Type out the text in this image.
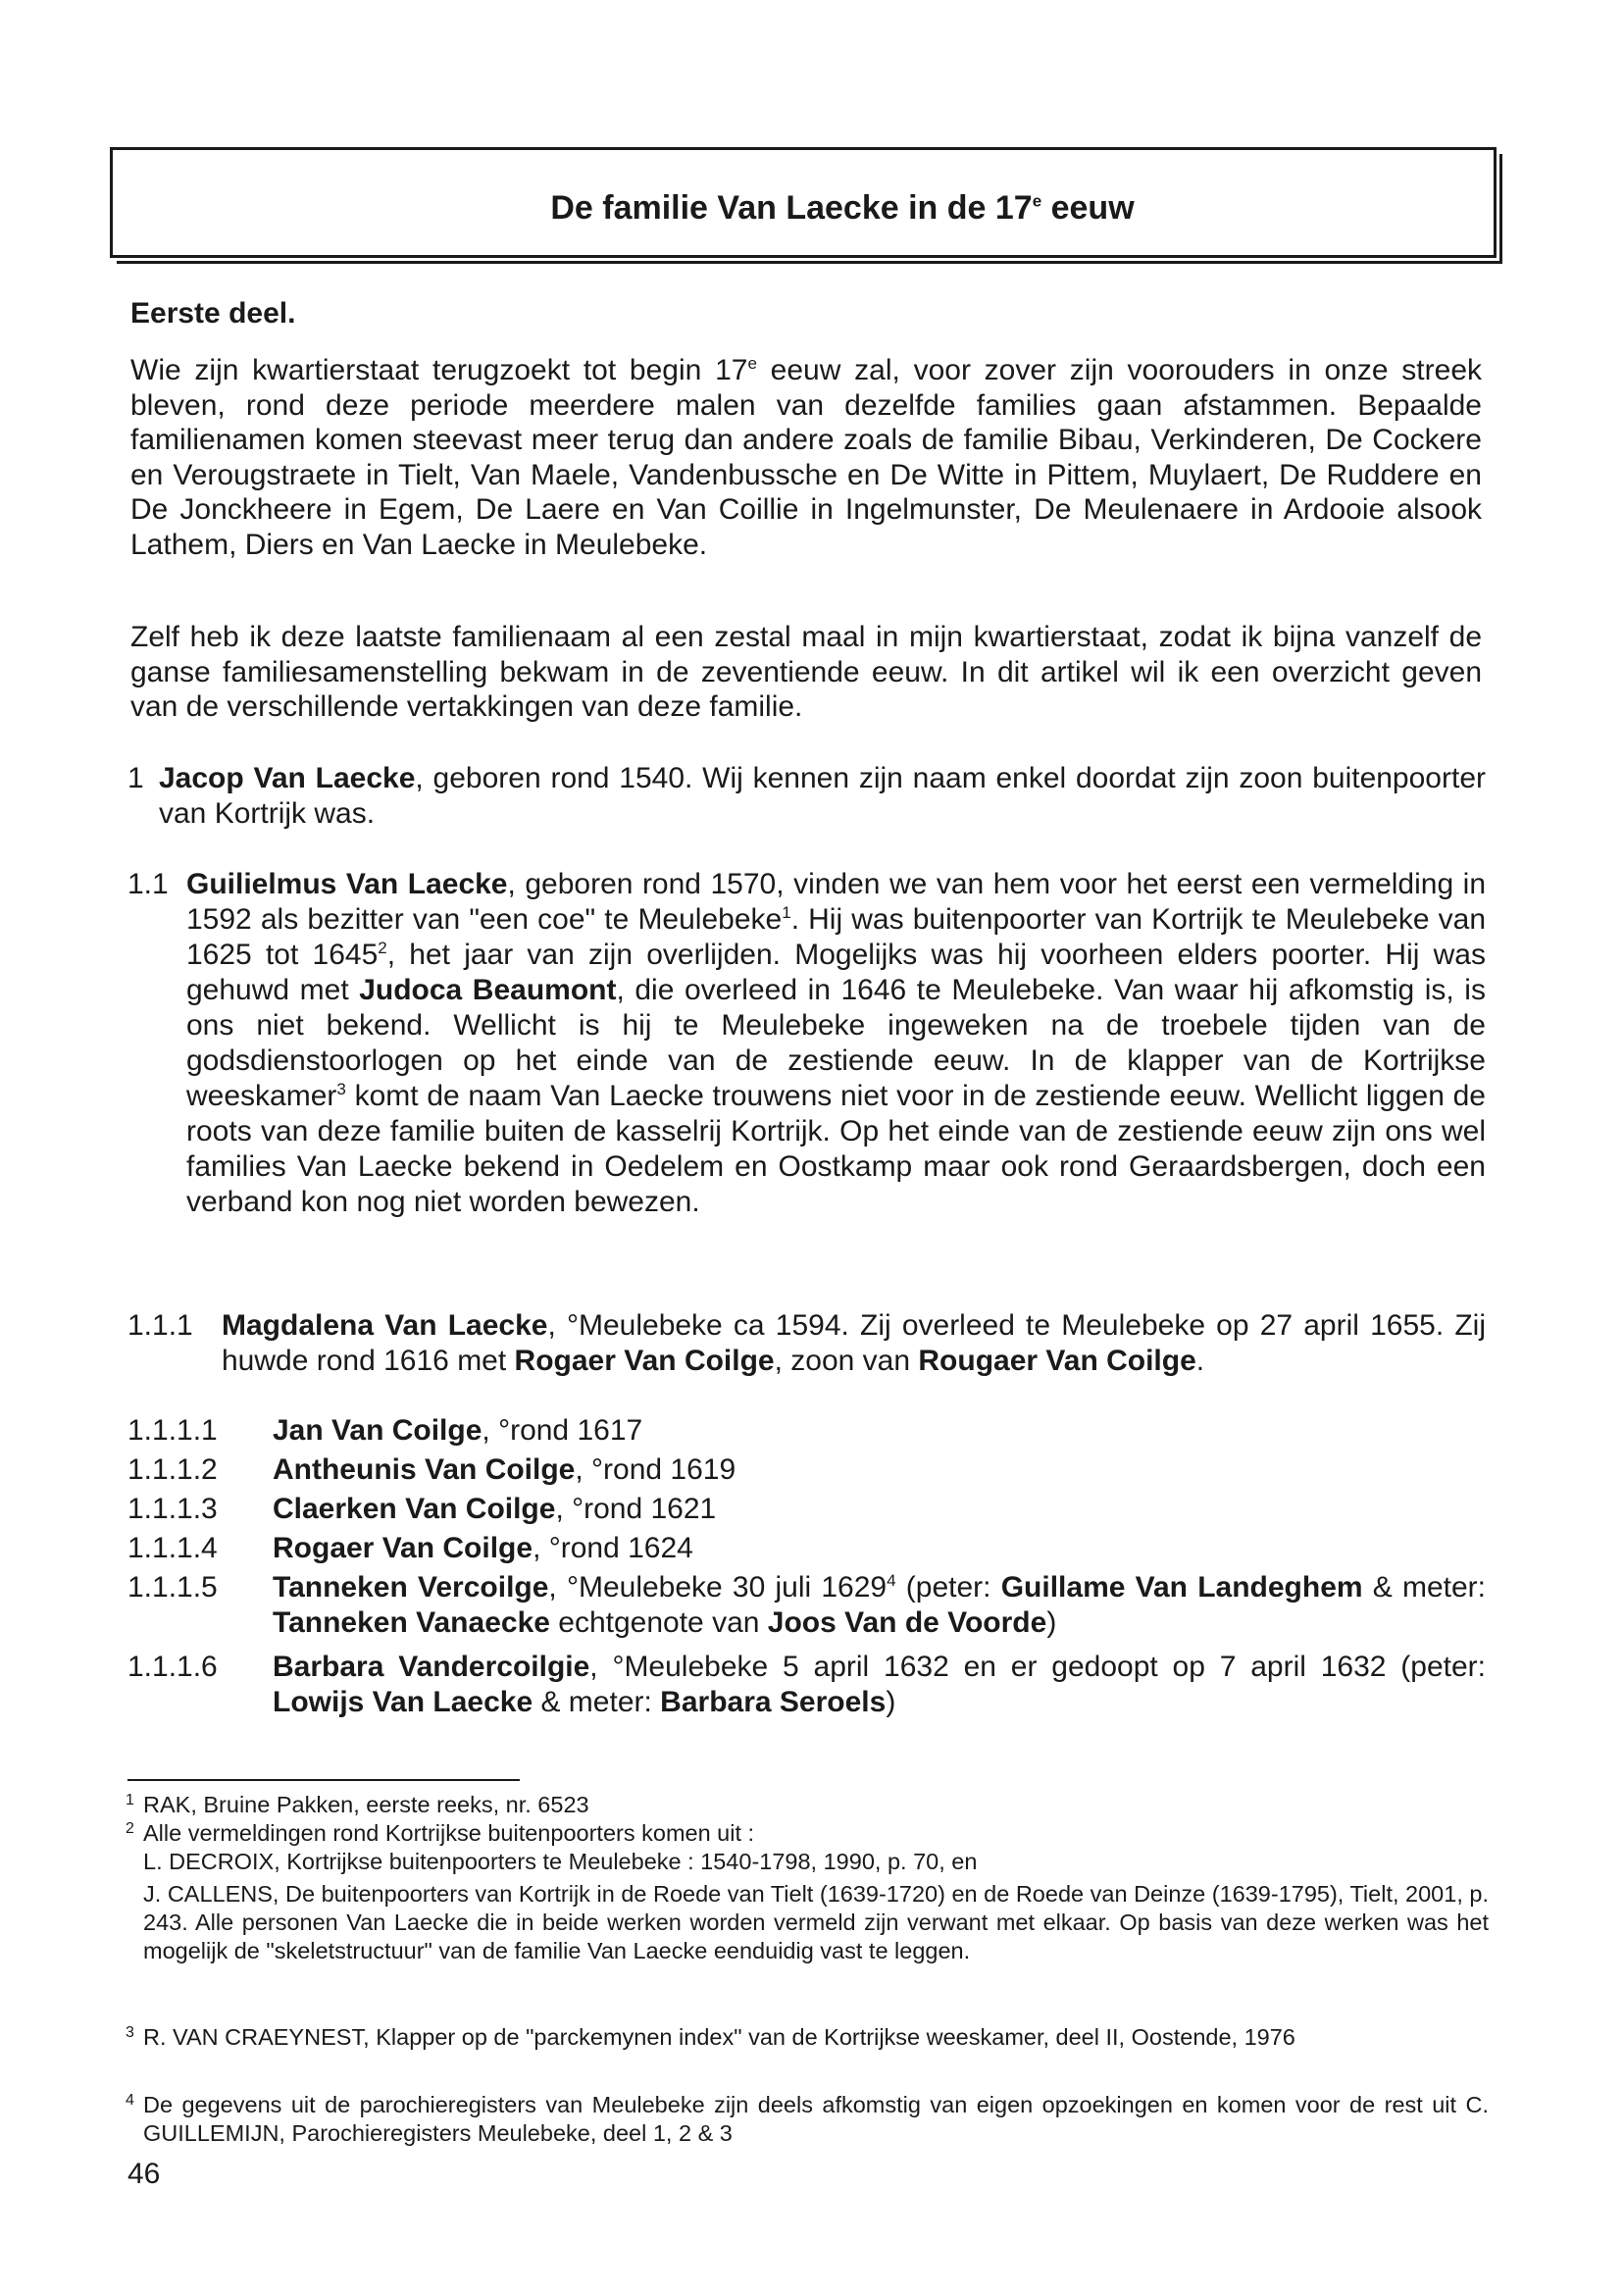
De familie Van Laecke in de 17e eeuw
Eerste deel.
Wie zijn kwartierstaat terugzoekt tot begin 17e eeuw zal, voor zover zijn voorouders in onze streek bleven, rond deze periode meerdere malen van dezelfde families gaan afstammen. Bepaalde familienamen komen steevast meer terug dan andere zoals de familie Bibau, Verkinderen, De Cockere en Verougstraete in Tielt, Van Maele, Vandenbussche en De Witte in Pittem, Muylaert, De Ruddere en De Jonckheere in Egem, De Laere en Van Coillie in Ingelmunster, De Meulenaere in Ardooie alsook Lathem, Diers en Van Laecke in Meulebeke.
Zelf heb ik deze laatste familienaam al een zestal maal in mijn kwartierstaat, zodat ik bijna vanzelf de ganse familiesamenstelling bekwam in de zeventiende eeuw. In dit artikel wil ik een overzicht geven van de verschillende vertakkingen van deze familie.
1 Jacop Van Laecke, geboren rond 1540. Wij kennen zijn naam enkel doordat zijn zoon buitenpoorter van Kortrijk was.
1.1 Guilielmus Van Laecke, geboren rond 1570, vinden we van hem voor het eerst een vermelding in 1592 als bezitter van "een coe" te Meulebeke$^1$. Hij was buitenpoorter van Kortrijk te Meulebeke van 1625 tot 1645$^2$, het jaar van zijn overlijden. Mogelijks was hij voorheen elders poorter. Hij was gehuwd met Judoca Beaumont, die overleed in 1646 te Meulebeke. Van waar hij afkomstig is, is ons niet bekend. Wellicht is hij te Meulebeke ingeweken na de troebele tijden van de godsdienstoorlogen op het einde van de zestiende eeuw. In de klapper van de Kortrijkse weeskamer$^3$ komt de naam Van Laecke trouwens niet voor in de zestiende eeuw. Wellicht liggen de roots van deze familie buiten de kasselrij Kortrijk. Op het einde van de zestiende eeuw zijn ons wel families Van Laecke bekend in Oedelem en Oostkamp maar ook rond Geraardsbergen, doch een verband kon nog niet worden bewezen.
1.1.1 Magdalena Van Laecke, °Meulebeke ca 1594. Zij overleed te Meulebeke op 27 april 1655. Zij huwde rond 1616 met Rogaer Van Coilge, zoon van Rougaer Van Coilge.
1.1.1.1	Jan Van Coilge, °rond 1617
1.1.1.2	Antheunis Van Coilge, °rond 1619
1.1.1.3	Claerken Van Coilge, °rond 1621
1.1.1.4	Rogaer Van Coilge, °rond 1624
1.1.1.5	Tanneken Vercoilge, °Meulebeke 30 juli 1629$^4$ (peter: Guillame Van Landeghem & meter: Tanneken Vanaecke echtgenote van Joos Van de Voorde)
1.1.1.6	Barbara Vandercoilgie, °Meulebeke 5 april 1632 en er gedoopt op 7 april 1632 (peter: Lowijs Van Laecke & meter: Barbara Seroels)
1 RAK, Bruine Pakken, eerste reeks, nr. 6523
2 Alle vermeldingen rond Kortrijkse buitenpoorters komen uit :
L. DECROIX, Kortrijkse buitenpoorters te Meulebeke : 1540-1798, 1990, p. 70, en
J. CALLENS, De buitenpoorters van Kortrijk in de Roede van Tielt (1639-1720) en de Roede van Deinze (1639-1795), Tielt, 2001, p. 243. Alle personen Van Laecke die in beide werken worden vermeld zijn verwant met elkaar. Op basis van deze werken was het mogelijk de "skeletstructuur" van de familie Van Laecke eenduidig vast te leggen.
3 R. VAN CRAEYNEST, Klapper op de "parckemynen index" van de Kortrijkse weeskamer, deel II, Oostende, 1976
4 De gegevens uit de parochieregisters van Meulebeke zijn deels afkomstig van eigen opzoekingen en komen voor de rest uit C. GUILLEMIJN, Parochieregisters Meulebeke, deel 1, 2 & 3
46
